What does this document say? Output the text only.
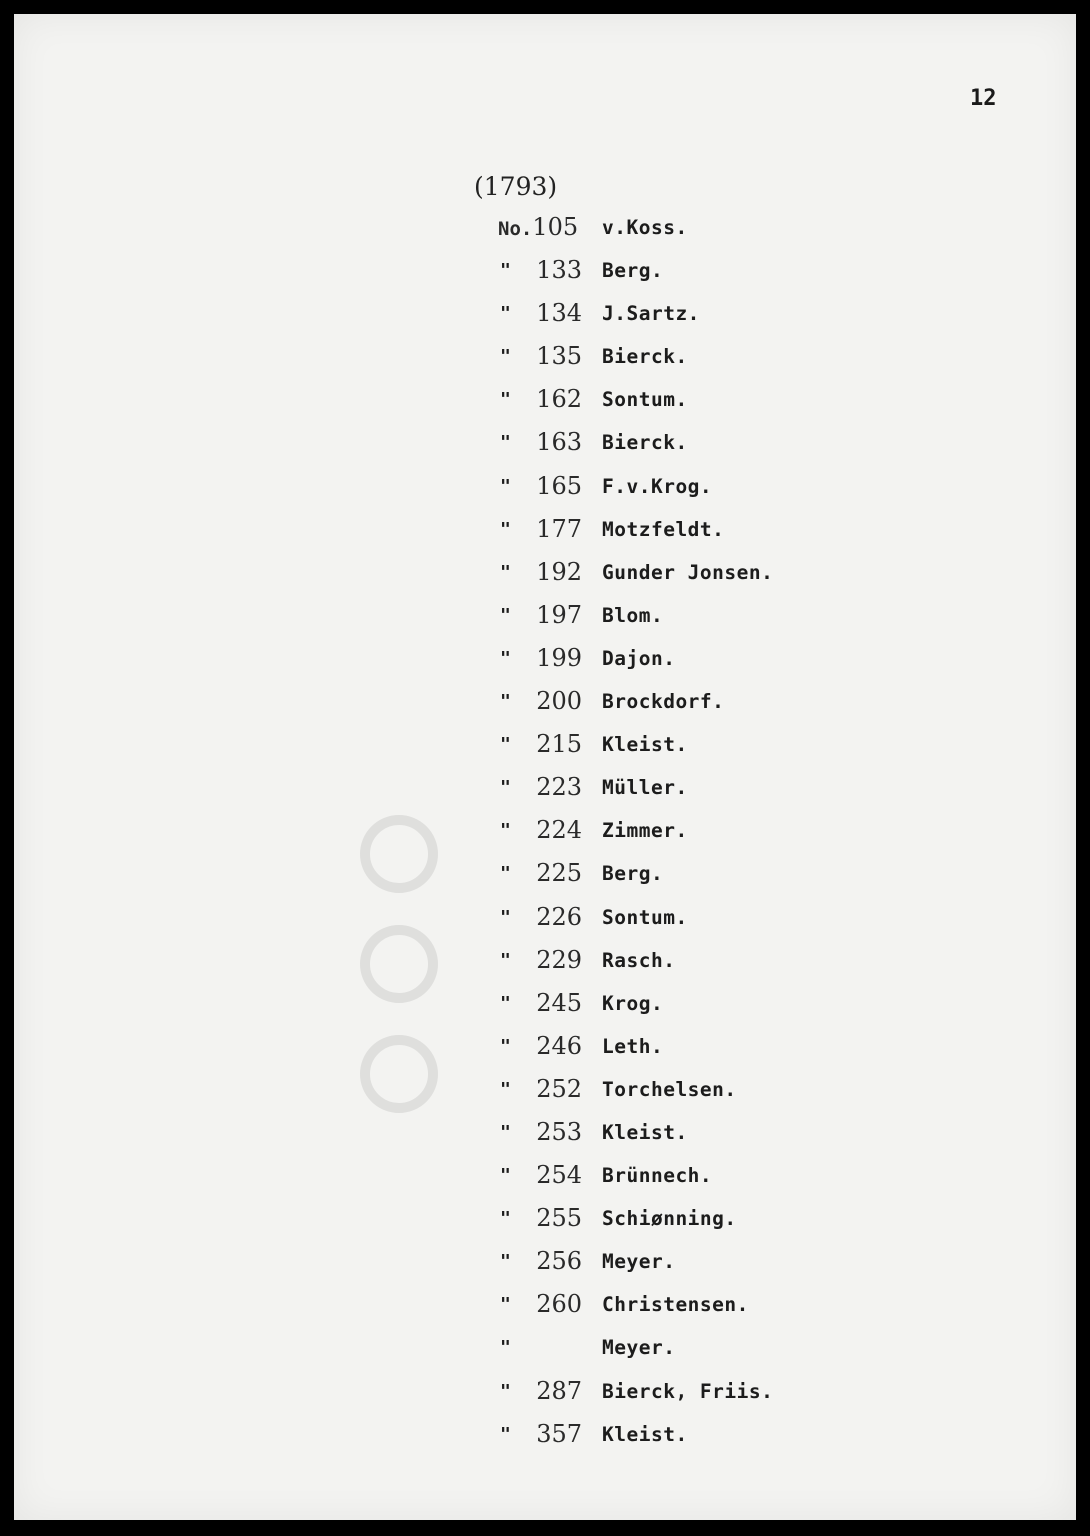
12
(1793)
No.105 v.Koss.
"	133 Berg.
"	134 J.Sartz.
"	135 Bierck.
"	162 Sontum.
"	163 Bierck.
"	165 F.v.Krog.
"	177 Motzfeldt.
"	192 Gunder Jonsen.
"	197 Blom.
"	199 Dajon.
"	200 Brockdorf.
"	215 Kleist.
"	223 Müller.
"	224 Zimmer.
"	225 Berg.
"	226 Sontum.
"	229 Rasch.
"	245 Krog.
"	246 Leth.
"	252 Torchelsen.
"	253 Kleist.
"	254 Brünnech.
"	255 Schiønning.
"	256 Meyer.
"	260 Christensen.
"	Meyer.
"	287 Bierck, Friis.
"	357 Kleist.
